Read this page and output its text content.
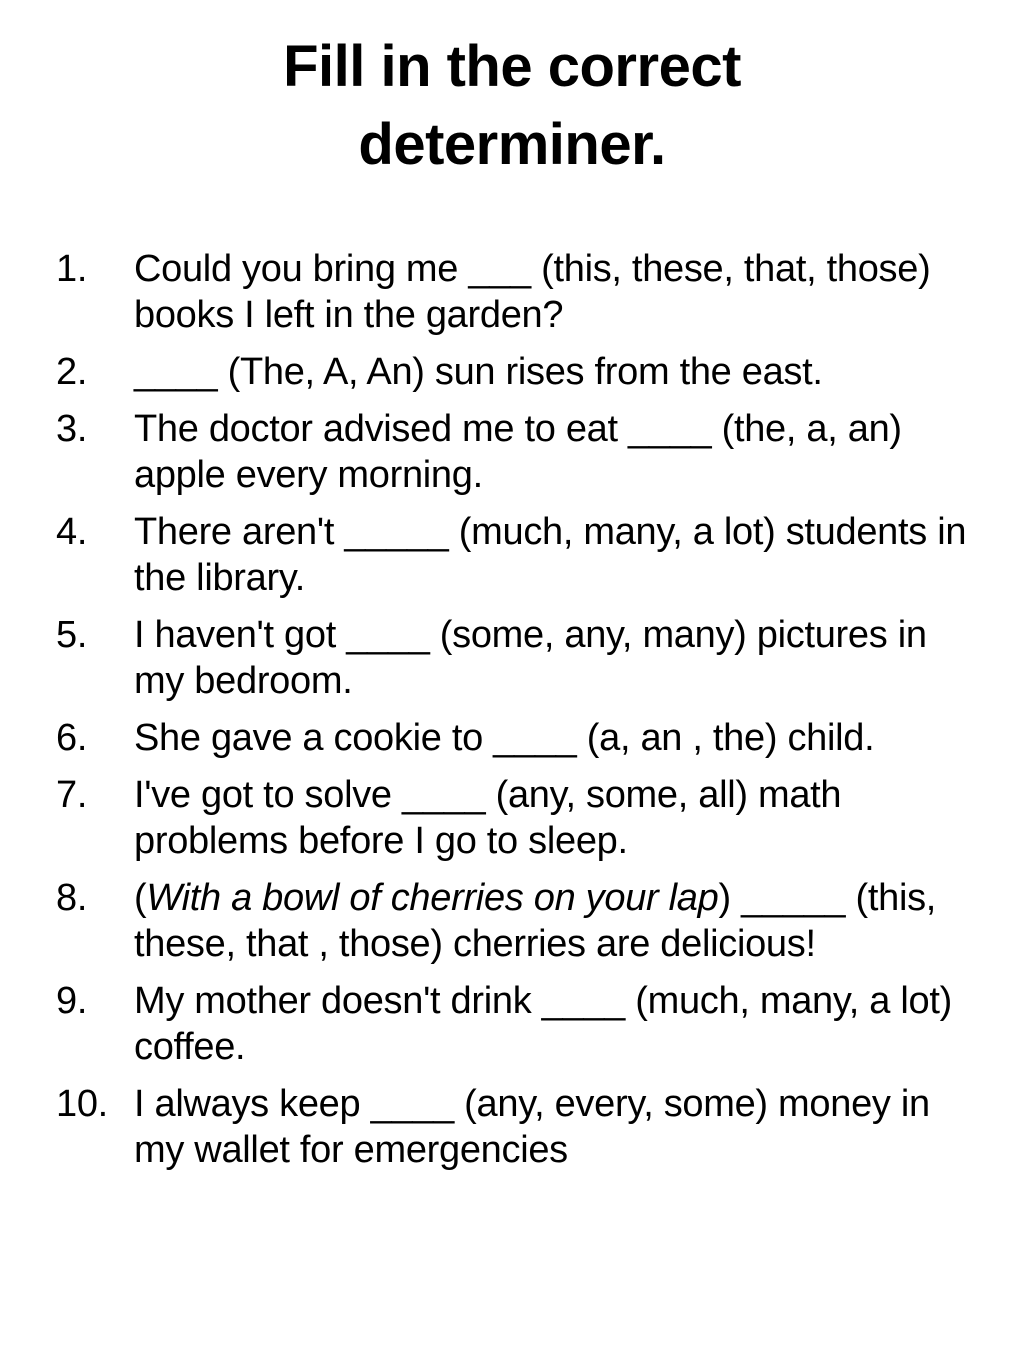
Fill in the correct
determiner.
1. Could you bring me ___ (this, these, that, those) books I left in the garden?
2. ____ (The, A, An) sun rises from the east.
3. The doctor advised me to eat ____ (the, a, an) apple every morning.
4. There aren't _____ (much, many, a lot) students in the library.
5. I haven't got ____ (some, any, many) pictures in my bedroom.
6. She gave a cookie to ____ (a, an , the) child.
7. I've got to solve ____ (any, some, all) math problems before I go to sleep.
8. (With a bowl of cherries on your lap) _____ (this, these, that , those) cherries are delicious!
9. My mother doesn't drink ____ (much, many, a lot) coffee.
10. I always keep ____ (any, every, some) money in my wallet for emergencies
